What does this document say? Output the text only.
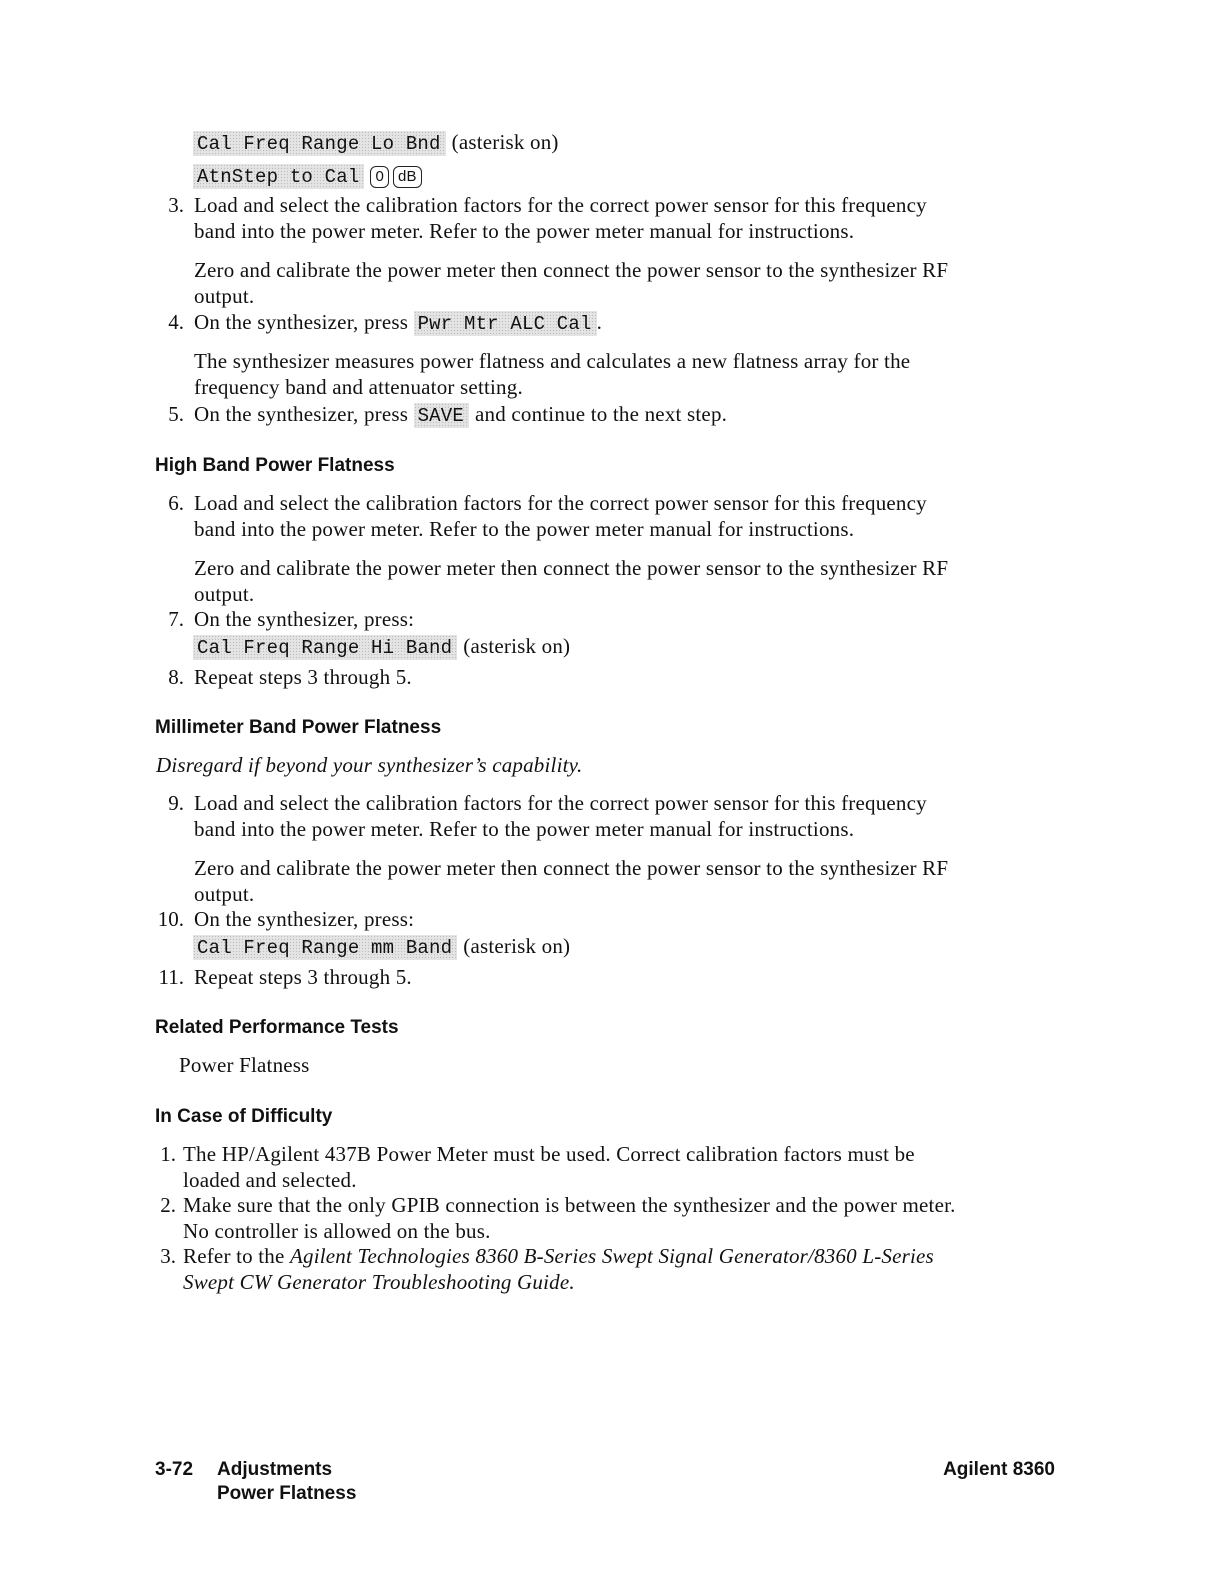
Cal Freq Range Lo Bnd (asterisk on)
AtnStep to Cal 0 dB
3. Load and select the calibration factors for the correct power sensor for this frequency
band into the power meter. Refer to the power meter manual for instructions.
Zero and calibrate the power meter then connect the power sensor to the synthesizer RF
output.
4. On the synthesizer, press Pwr Mtr ALC Cal .
The synthesizer measures power flatness and calculates a new flatness array for the
frequency band and attenuator setting.
5. On the synthesizer, press SAVE and continue to the next step.
High Band Power Flatness
6. Load and select the calibration factors for the correct power sensor for this frequency
band into the power meter. Refer to the power meter manual for instructions.
Zero and calibrate the power meter then connect the power sensor to the synthesizer RF
output.
7. On the synthesizer, press:
Cal Freq Range Hi Band (asterisk on)
8. Repeat steps 3 through 5.
Millimeter Band Power Flatness
Disregard if beyond your synthesizer’s capability.
9. Load and select the calibration factors for the correct power sensor for this frequency
band into the power meter. Refer to the power meter manual for instructions.
Zero and calibrate the power meter then connect the power sensor to the synthesizer RF
output.
10. On the synthesizer, press:
Cal Freq Range mm Band (asterisk on)
11. Repeat steps 3 through 5.
Related Performance Tests
Power Flatness
In Case of Difficulty
1. The HP/Agilent 437B Power Meter must be used. Correct calibration factors must be
loaded and selected.
2. Make sure that the only GPIB connection is between the synthesizer and the power meter.
No controller is allowed on the bus.
3. Refer to the Agilent Technologies 8360 B-Series Swept Signal Generator/8360 L-Series
Swept CW Generator Troubleshooting Guide.
3-72 Adjustments
Power Flatness
Agilent 8360
